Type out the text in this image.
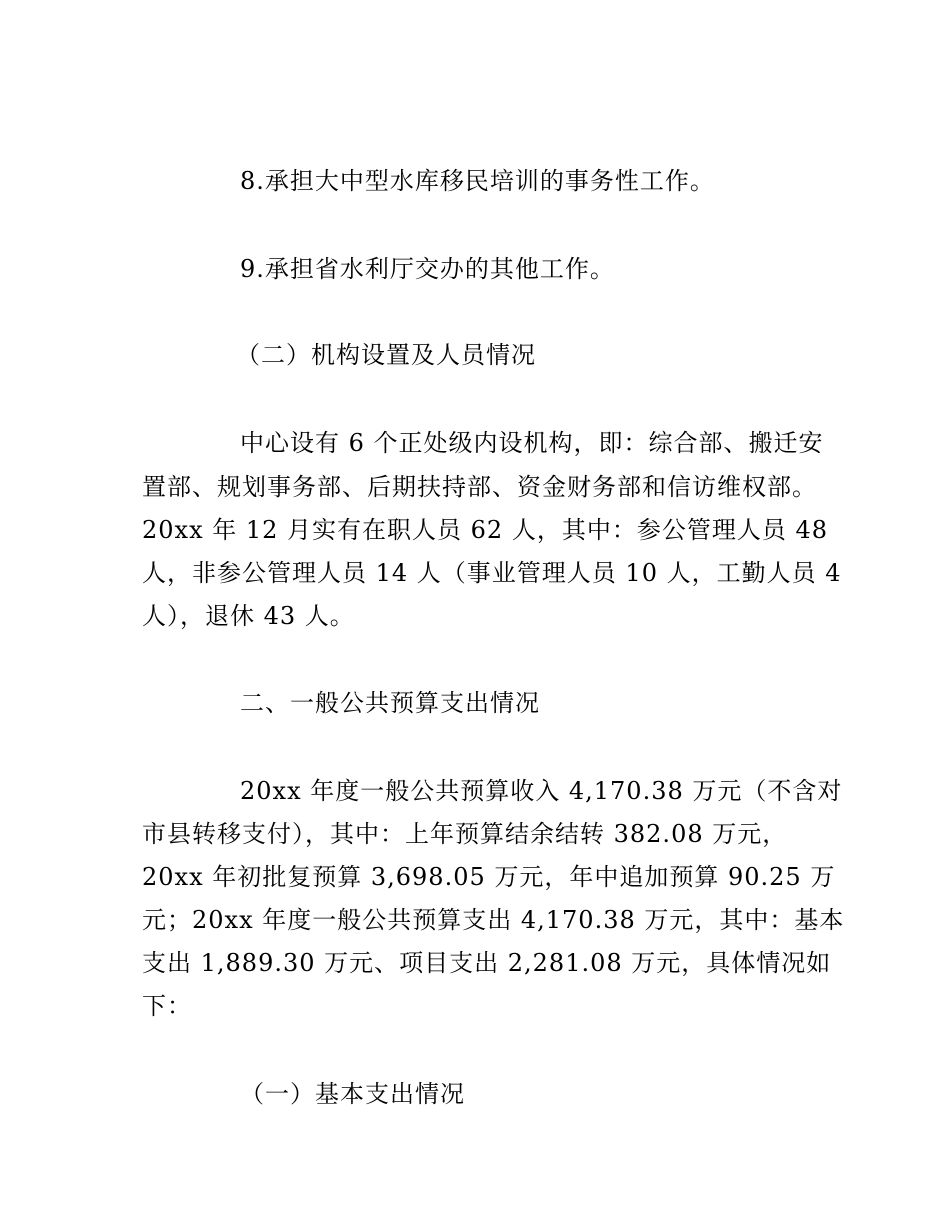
8.承担大中型水库移民培训的事务性工作。
9.承担省水利厅交办的其他工作。
（二）机构设置及人员情况
中心设有 6 个正处级内设机构，即：综合部、搬迁安
置部、规划事务部、后期扶持部、资金财务部和信访维权部。
20xx 年 12 月实有在职人员 62 人，其中：参公管理人员 48
人，非参公管理人员 14 人（事业管理人员 10 人，工勤人员 4
人），退休 43 人。
二、一般公共预算支出情况
20xx 年度一般公共预算收入 4,170.38 万元（不含对
市县转移支付），其中：上年预算结余结转 382.08 万元，
20xx 年初批复预算 3,698.05 万元，年中追加预算 90.25 万
元；20xx 年度一般公共预算支出 4,170.38 万元，其中：基本
支出 1,889.30 万元、项目支出 2,281.08 万元，具体情况如
下：
（一）基本支出情况
